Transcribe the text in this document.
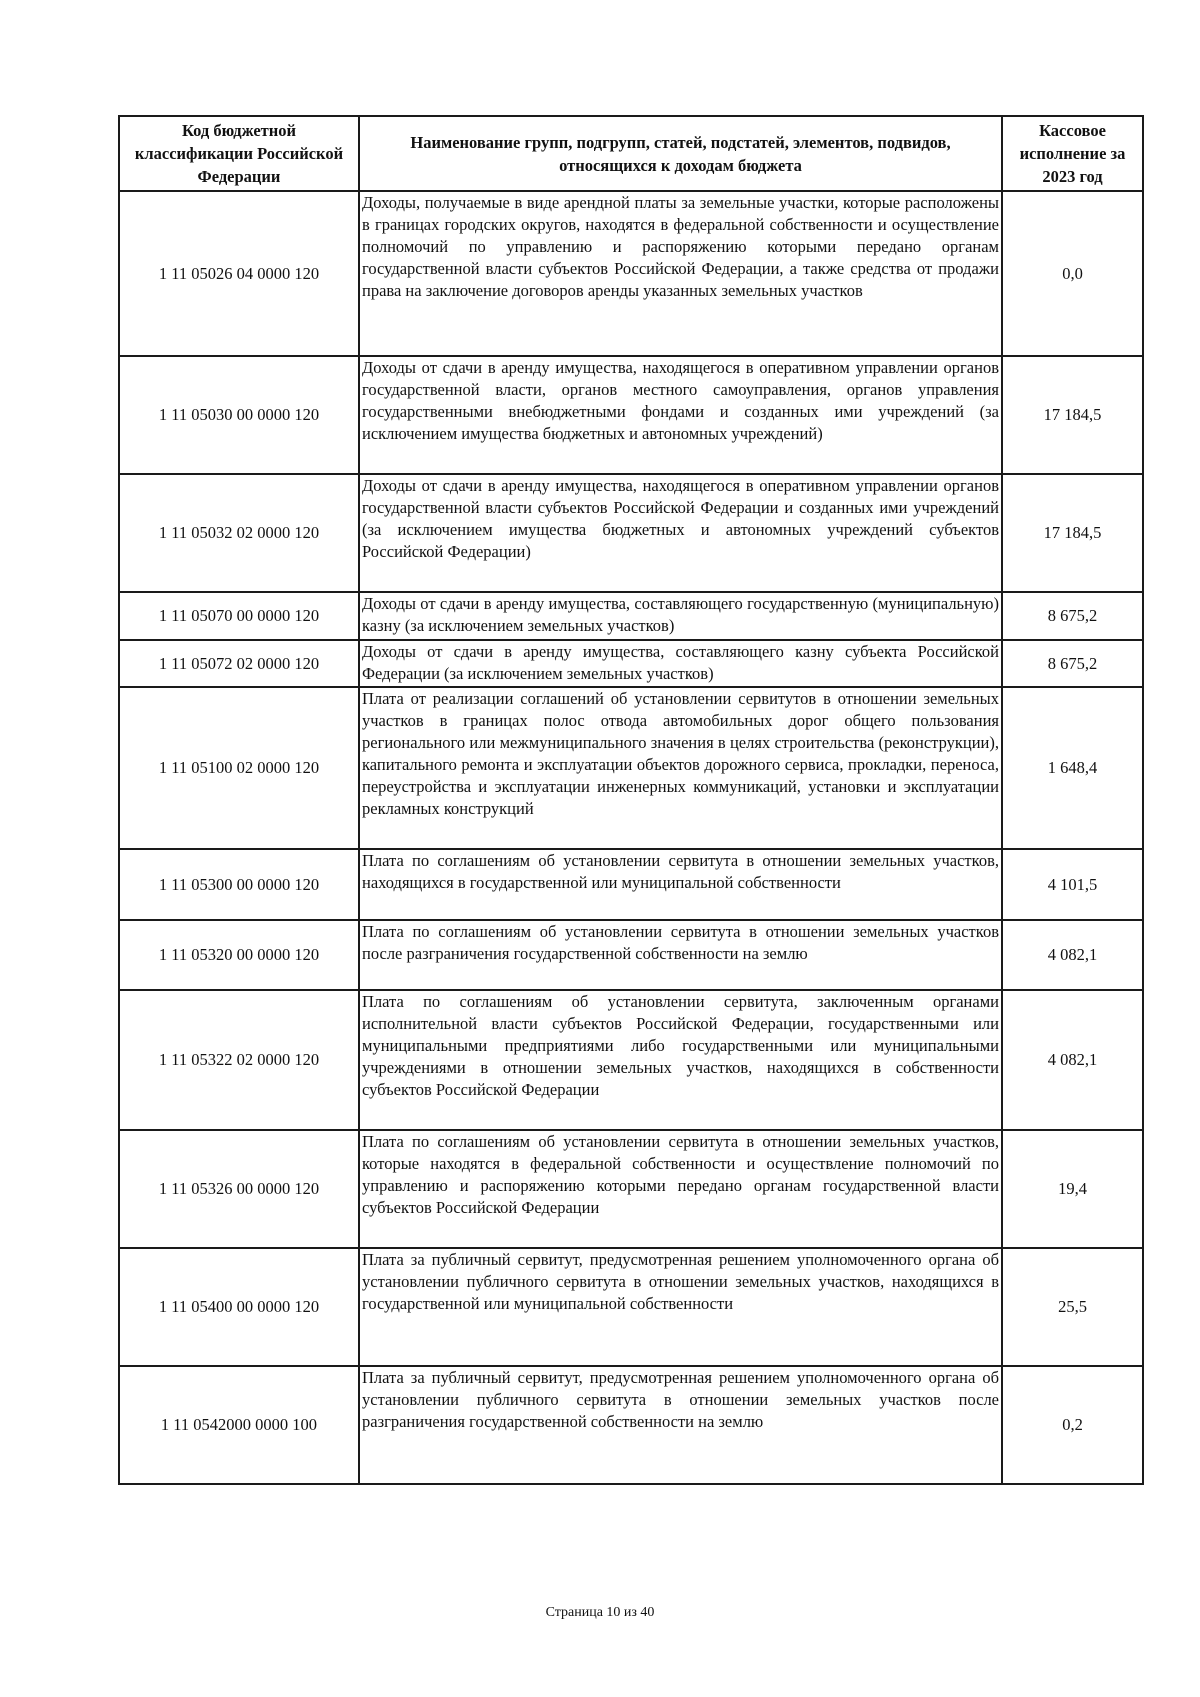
Код бюджетной классификации Российской Федерации	Наименование групп, подгрупп, статей, подстатей, элементов, подвидов, относящихся к доходам бюджета	Кассовое исполнение за 2023 год
1 11 05026 04 0000 120	Доходы, получаемые в виде арендной платы за земельные участки, которые расположены в границах городских округов, находятся в федеральной собственности и осуществление полномочий по управлению и распоряжению которыми передано органам государственной власти субъектов Российской Федерации, а также средства от продажи права на заключение договоров аренды указанных земельных участков	0,0
1 11 05030 00 0000 120	Доходы от сдачи в аренду имущества, находящегося в оперативном управлении органов государственной власти, органов местного самоуправления, органов управления государственными внебюджетными фондами и созданных ими учреждений (за исключением имущества бюджетных и автономных учреждений)	17 184,5
1 11 05032 02 0000 120	Доходы от сдачи в аренду имущества, находящегося в оперативном управлении органов государственной власти субъектов Российской Федерации и созданных ими учреждений (за исключением имущества бюджетных и автономных учреждений субъектов Российской Федерации)	17 184,5
1 11 05070 00 0000 120	Доходы от сдачи в аренду имущества, составляющего государственную (муниципальную) казну (за исключением земельных участков)	8 675,2
1 11 05072 02 0000 120	Доходы от сдачи в аренду имущества, составляющего казну субъекта Российской Федерации (за исключением земельных участков)	8 675,2
1 11 05100 02 0000 120	Плата от реализации соглашений об установлении сервитутов в отношении земельных участков в границах полос отвода автомобильных дорог общего пользования регионального или межмуниципального значения в целях строительства (реконструкции), капитального ремонта и эксплуатации объектов дорожного сервиса, прокладки, переноса, переустройства и эксплуатации инженерных коммуникаций, установки и эксплуатации рекламных конструкций	1 648,4
1 11 05300 00 0000 120	Плата по соглашениям об установлении сервитута в отношении земельных участков, находящихся в государственной или муниципальной собственности	4 101,5
1 11 05320 00 0000 120	Плата по соглашениям об установлении сервитута в отношении земельных участков после разграничения государственной собственности на землю	4 082,1
1 11 05322 02 0000 120	Плата по соглашениям об установлении сервитута, заключенным органами исполнительной власти субъектов Российской Федерации, государственными или муниципальными предприятиями либо государственными или муниципальными учреждениями в отношении земельных участков, находящихся в собственности субъектов Российской Федерации	4 082,1
1 11 05326 00 0000 120	Плата по соглашениям об установлении сервитута в отношении земельных участков, которые находятся в федеральной собственности и осуществление полномочий по управлению и распоряжению которыми передано органам государственной власти субъектов Российской Федерации	19,4
1 11 05400 00 0000 120	Плата за публичный сервитут, предусмотренная решением уполномоченного органа об установлении публичного сервитута в отношении земельных участков, находящихся в государственной или муниципальной собственности	25,5
1 11 0542000 0000 100	Плата за публичный сервитут, предусмотренная решением уполномоченного органа об установлении публичного сервитута в отношении земельных участков после разграничения государственной собственности на землю	0,2
Страница 10 из 40
